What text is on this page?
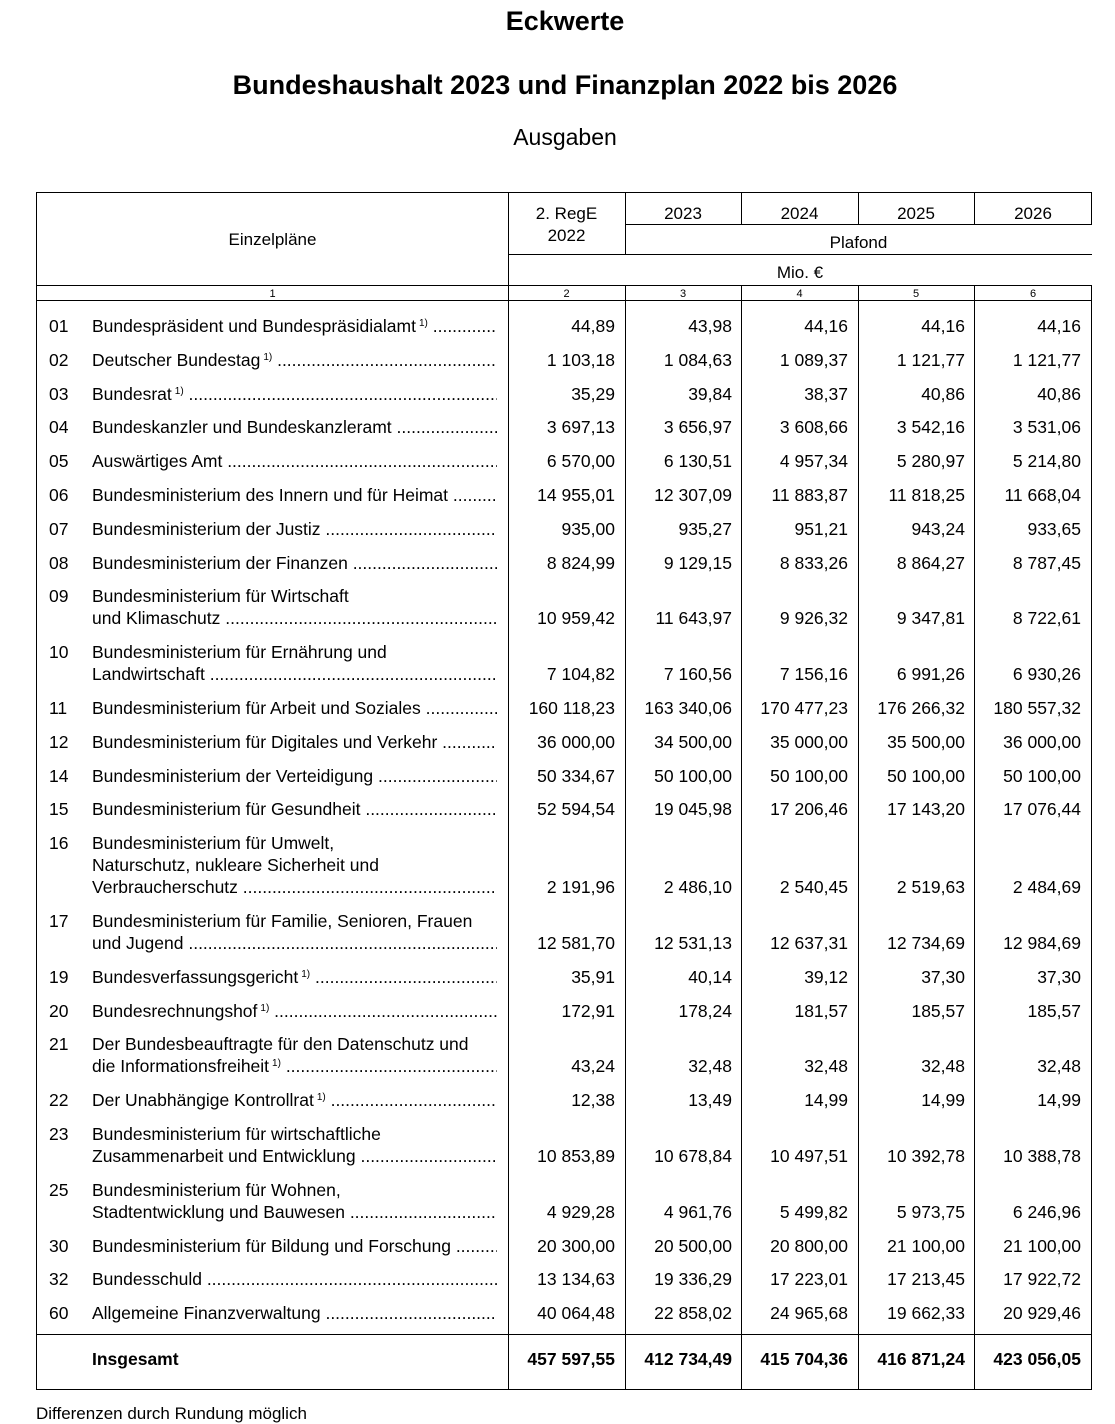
Eckwerte
Bundeshaushalt 2023 und Finanzplan 2022 bis 2026
Ausgaben
Einzelpläne
2. RegE
2022
2023	2024	2025	2026
Plafond
Mio. €
1	2	3	4	5	6
01 Bundespräsident und Bundespräsidialamt $^{1)}$ .....	44,89	43,98	44,16	44,16	44,16
02 Deutscher Bundestag $^{1)}$ .....	1 103,18	1 084,63	1 089,37	1 121,77	1 121,77
03 Bundesrat $^{1)}$ .....	35,29	39,84	38,37	40,86	40,86
04 Bundeskanzler und Bundeskanzleramt .....	3 697,13	3 656,97	3 608,66	3 542,16	3 531,06
05 Auswärtiges Amt .....	6 570,00	6 130,51	4 957,34	5 280,97	5 214,80
06 Bundesministerium des Innern und für Heimat .....	14 955,01	12 307,09	11 883,87	11 818,25	11 668,04
07 Bundesministerium der Justiz .....	935,00	935,27	951,21	943,24	933,65
08 Bundesministerium der Finanzen .....	8 824,99	9 129,15	8 833,26	8 864,27	8 787,45
09 Bundesministerium für Wirtschaft
und Klimaschutz .....	10 959,42	11 643,97	9 926,32	9 347,81	8 722,61
10 Bundesministerium für Ernährung und
Landwirtschaft .....	7 104,82	7 160,56	7 156,16	6 991,26	6 930,26
11 Bundesministerium für Arbeit und Soziales .....	160 118,23	163 340,06	170 477,23	176 266,32	180 557,32
12 Bundesministerium für Digitales und Verkehr .....	36 000,00	34 500,00	35 000,00	35 500,00	36 000,00
14 Bundesministerium der Verteidigung .....	50 334,67	50 100,00	50 100,00	50 100,00	50 100,00
15 Bundesministerium für Gesundheit .....	52 594,54	19 045,98	17 206,46	17 143,20	17 076,44
16 Bundesministerium für Umwelt,
Naturschutz, nukleare Sicherheit und
Verbraucherschutz .....	2 191,96	2 486,10	2 540,45	2 519,63	2 484,69
17 Bundesministerium für Familie, Senioren, Frauen
und Jugend .....	12 581,70	12 531,13	12 637,31	12 734,69	12 984,69
19 Bundesverfassungsgericht $^{1)}$ .....	35,91	40,14	39,12	37,30	37,30
20 Bundesrechnungshof $^{1)}$ .....	172,91	178,24	181,57	185,57	185,57
21 Der Bundesbeauftragte für den Datenschutz und
die Informationsfreiheit $^{1)}$ .....	43,24	32,48	32,48	32,48	32,48
22 Der Unabhängige Kontrollrat $^{1)}$ .....	12,38	13,49	14,99	14,99	14,99
23 Bundesministerium für wirtschaftliche
Zusammenarbeit und Entwicklung .....	10 853,89	10 678,84	10 497,51	10 392,78	10 388,78
25 Bundesministerium für Wohnen,
Stadtentwicklung und Bauwesen .....	4 929,28	4 961,76	5 499,82	5 973,75	6 246,96
30 Bundesministerium für Bildung und Forschung .....	20 300,00	20 500,00	20 800,00	21 100,00	21 100,00
32 Bundesschuld .....	13 134,63	19 336,29	17 223,01	17 213,45	17 922,72
60 Allgemeine Finanzverwaltung .....	40 064,48	22 858,02	24 965,68	19 662,33	20 929,46
Insgesamt	457 597,55	412 734,49	415 704,36	416 871,24	423 056,05
Differenzen durch Rundung möglich
